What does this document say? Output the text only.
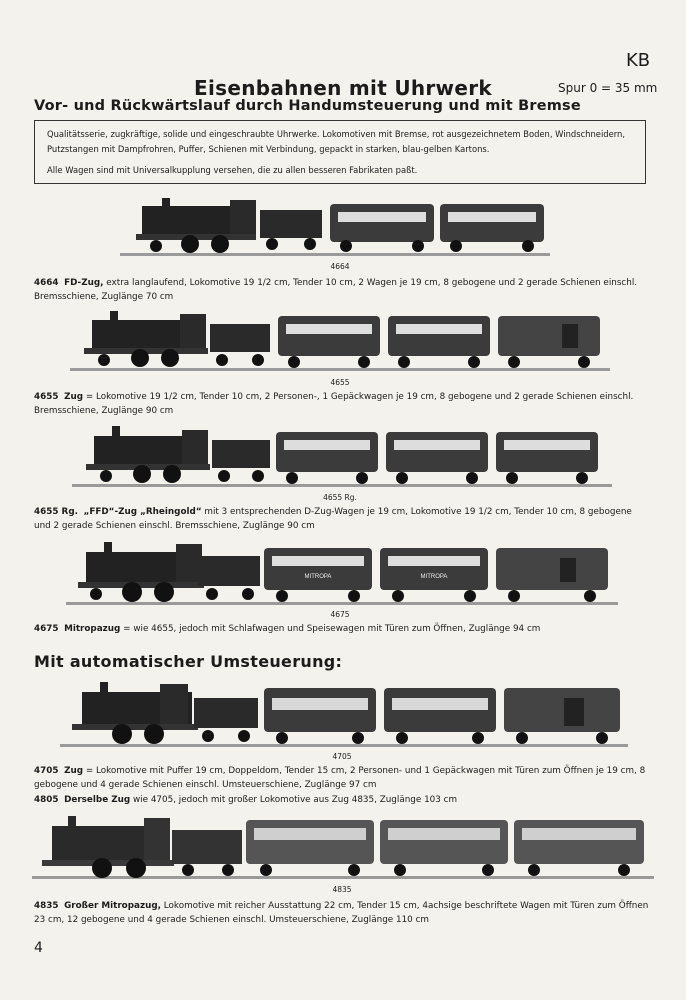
KB
Eisenbahnen mit Uhrwerk	Spur 0 = 35 mm
Vor- und Rückwärtslauf durch Handumsteuerung und mit Bremse

Qualitätsserie, zugkräftige, solide und eingeschraubte Uhrwerke. Lokomotiven mit Bremse, rot ausgezeichnetem Boden, Windschneidern, Putzstangen mit Dampfrohren, Puffer, Schienen mit Verbindung, gepackt in starken, blau-gelben Kartons.

Alle Wagen sind mit Universalkupplung versehen, die zu allen besseren Fabrikaten paßt.

4664
4664 FD-Zug, extra langlaufend, Lokomotive 19 1/2 cm, Tender 10 cm, 2 Wagen je 19 cm, 8 gebogene und 2 gerade Schienen einschl. Bremsschiene, Zuglänge 70 cm
4655
4655 Zug = Lokomotive 19 1/2 cm, Tender 10 cm, 2 Personen-, 1 Gepäckwagen je 19 cm, 8 gebogene und 2 gerade Schienen einschl. Bremsschiene, Zuglänge 90 cm
4655 Rg.
4655 Rg. „FFD“-Zug „Rheingold“ mit 3 entsprechenden D-Zug-Wagen je 19 cm, Lokomotive 19 1/2 cm, Tender 10 cm, 8 gebogene und 2 gerade Schienen einschl. Bremsschiene, Zuglänge 90 cm
MITROPA	MITROPA
4675
4675 Mitropazug = wie 4655, jedoch mit Schlafwagen und Speisewagen mit Türen zum Öffnen, Zuglänge 94 cm
Mit automatischer Umsteuerung:
4705
4705 Zug = Lokomotive mit Puffer 19 cm, Doppeldom, Tender 15 cm, 2 Personen- und 1 Gepäckwagen mit Türen zum Öffnen je 19 cm, 8 gebogene und 4 gerade Schienen einschl. Umsteuerschiene, Zuglänge 97 cm
4805 Derselbe Zug wie 4705, jedoch mit großer Lokomotive aus Zug 4835, Zuglänge 103 cm
4835
4835 Großer Mitropazug, Lokomotive mit reicher Ausstattung 22 cm, Tender 15 cm, 4achsige beschriftete Wagen mit Türen zum Öffnen 23 cm, 12 gebogene und 4 gerade Schienen einschl. Umsteuerschiene, Zuglänge 110 cm
4
